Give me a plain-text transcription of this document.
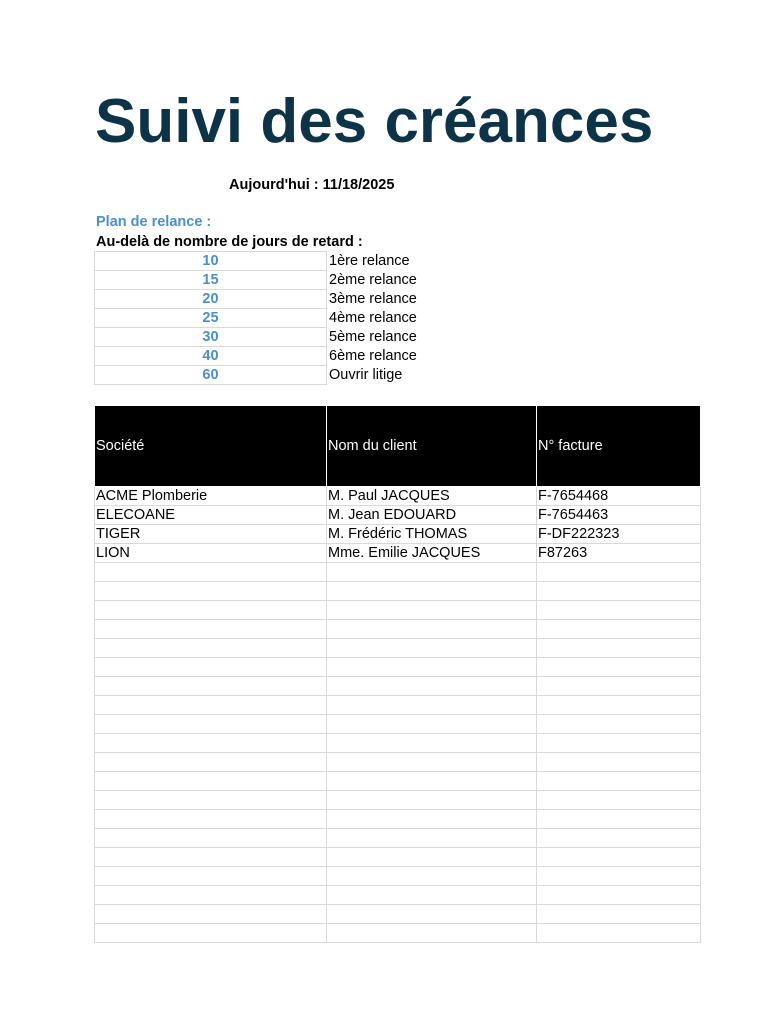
Suivi des créances
Aujourd'hui : 11/18/2025
Plan de relance :
Au-delà de nombre de jours de retard :
10	1ère relance
15	2ème relance
20	3ème relance
25	4ème relance
30	5ème relance
40	6ème relance
60	Ouvrir litige
Société	Nom du client	N° facture
ACME Plomberie	M. Paul JACQUES	F-7654468
ELECOANE	M. Jean EDOUARD	F-7654463
TIGER	M. Frédéric THOMAS	F-DF222323
LION	Mme. Emilie JACQUES	F87263
